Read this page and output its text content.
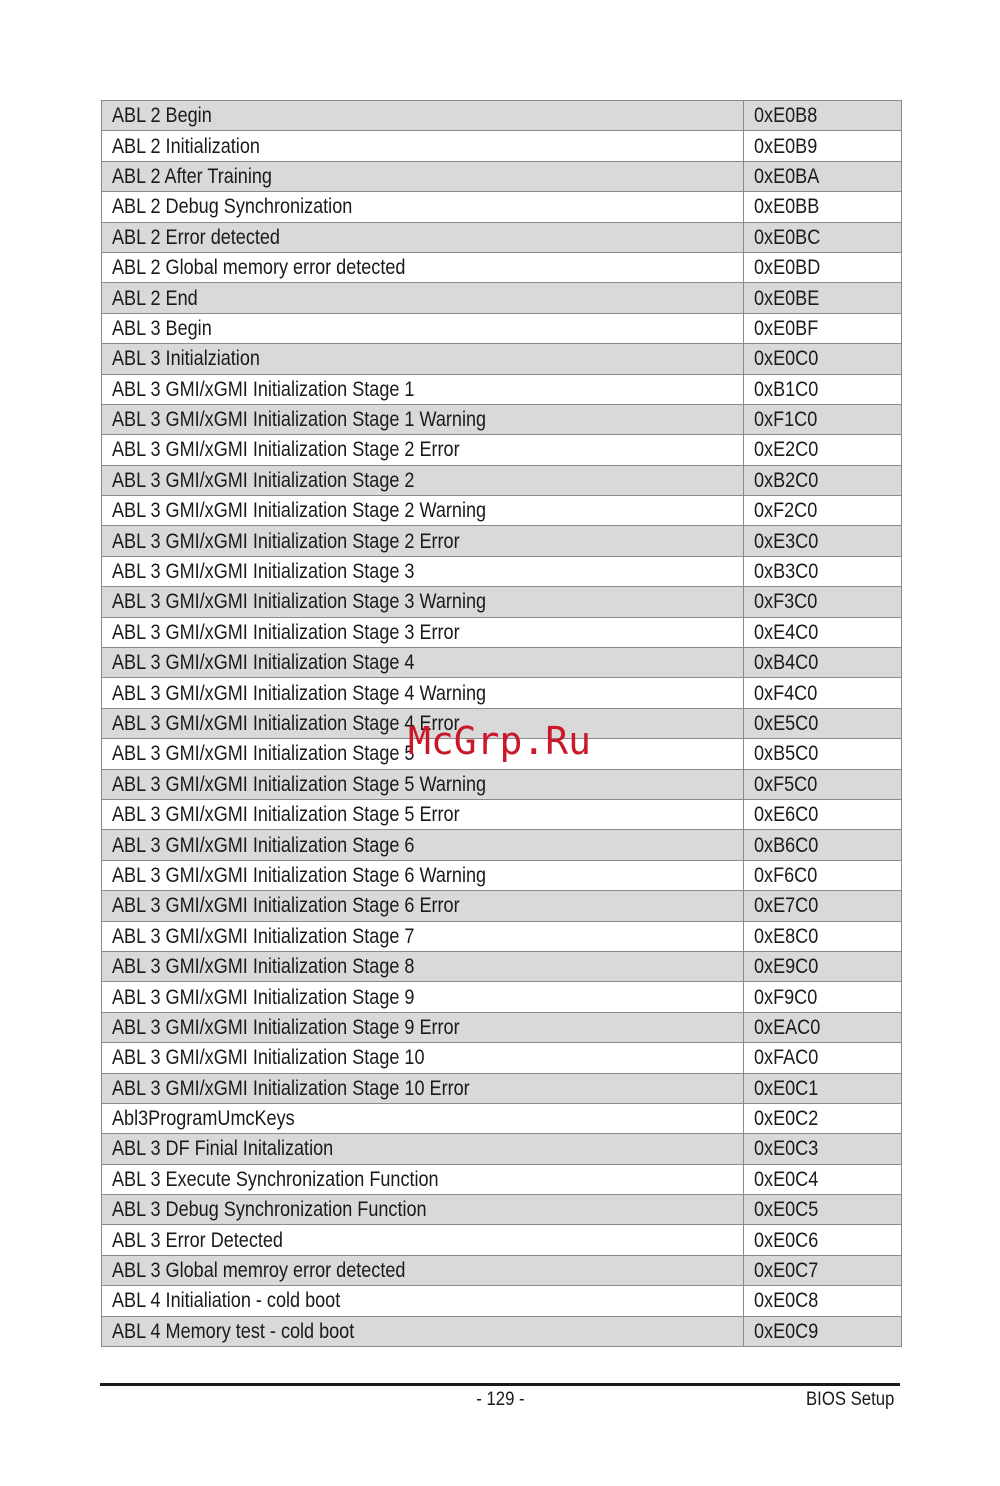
ABL 2 Begin	0xE0B8
ABL 2 Initialization	0xE0B9
ABL 2 After Training	0xE0BA
ABL 2 Debug Synchronization	0xE0BB
ABL 2 Error detected	0xE0BC
ABL 2 Global memory error detected	0xE0BD
ABL 2 End	0xE0BE
ABL 3 Begin	0xE0BF
ABL 3 Initialziation	0xE0C0
ABL 3 GMI/xGMI Initialization Stage 1	0xB1C0
ABL 3 GMI/xGMI Initialization Stage 1 Warning	0xF1C0
ABL 3 GMI/xGMI Initialization Stage 2 Error	0xE2C0
ABL 3 GMI/xGMI Initialization Stage 2	0xB2C0
ABL 3 GMI/xGMI Initialization Stage 2 Warning	0xF2C0
ABL 3 GMI/xGMI Initialization Stage 2 Error	0xE3C0
ABL 3 GMI/xGMI Initialization Stage 3	0xB3C0
ABL 3 GMI/xGMI Initialization Stage 3 Warning	0xF3C0
ABL 3 GMI/xGMI Initialization Stage 3 Error	0xE4C0
ABL 3 GMI/xGMI Initialization Stage 4	0xB4C0
ABL 3 GMI/xGMI Initialization Stage 4 Warning	0xF4C0
ABL 3 GMI/xGMI Initialization Stage 4 Error	0xE5C0
ABL 3 GMI/xGMI Initialization Stage 5	0xB5C0
ABL 3 GMI/xGMI Initialization Stage 5 Warning	0xF5C0
ABL 3 GMI/xGMI Initialization Stage 5 Error	0xE6C0
ABL 3 GMI/xGMI Initialization Stage 6	0xB6C0
ABL 3 GMI/xGMI Initialization Stage 6 Warning	0xF6C0
ABL 3 GMI/xGMI Initialization Stage 6 Error	0xE7C0
ABL 3 GMI/xGMI Initialization Stage 7	0xE8C0
ABL 3 GMI/xGMI Initialization Stage 8	0xE9C0
ABL 3 GMI/xGMI Initialization Stage 9	0xF9C0
ABL 3 GMI/xGMI Initialization Stage 9 Error	0xEAC0
ABL 3 GMI/xGMI Initialization Stage 10	0xFAC0
ABL 3 GMI/xGMI Initialization Stage 10 Error	0xE0C1
Abl3ProgramUmcKeys	0xE0C2
ABL 3 DF Finial Initalization	0xE0C3
ABL 3 Execute Synchronization Function	0xE0C4
ABL 3 Debug Synchronization Function	0xE0C5
ABL 3 Error Detected	0xE0C6
ABL 3 Global memroy error detected	0xE0C7
ABL 4 Initialiation - cold boot	0xE0C8
ABL 4 Memory test - cold boot	0xE0C9
McGrp.Ru
- 129 -	BIOS Setup
